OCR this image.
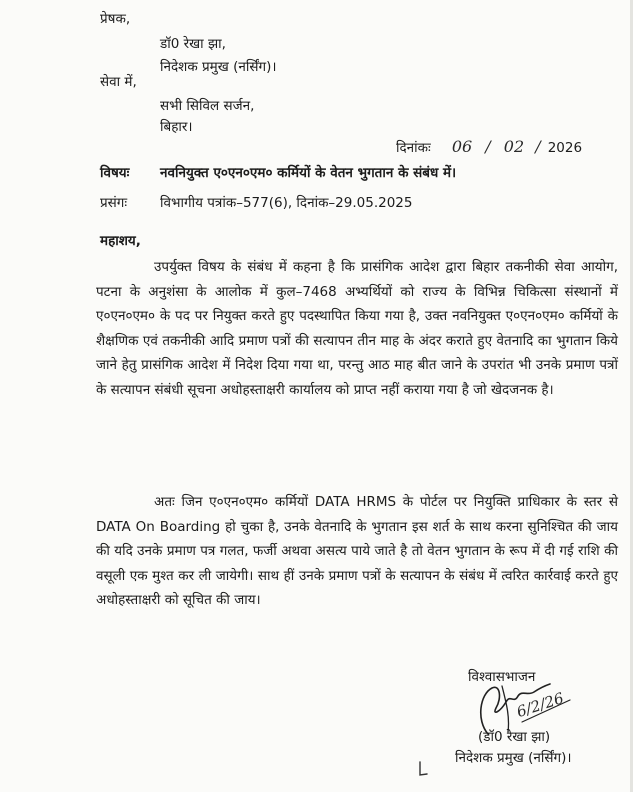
प्रेषक,
डॉ0 रेखा झा,
निदेशक प्रमुख (नर्सिंग)।
सेवा में,
सभी सिविल सर्जन,
बिहार।
दिनांकः 06 / 02 / 2026
विषयः नवनियुक्त ए०एन०एम० कर्मियों के वेतन भुगतान के संबंध में।
प्रसंगः विभागीय पत्रांक–577(6), दिनांक–29.05.2025
महाशय,
उपर्युक्त विषय के संबंध में कहना है कि प्रासंगिक आदेश द्वारा बिहार तकनीकी सेवा आयोग, पटना के अनुशंसा के आलोक में कुल–7468 अभ्यर्थियों को राज्य के विभिन्न चिकित्सा संस्थानों में ए०एन०एम० के पद पर नियुक्त करते हुए पदस्थापित किया गया है, उक्त नवनियुक्त ए०एन०एम० कर्मियों के शैक्षणिक एवं तकनीकी आदि प्रमाण पत्रों की सत्यापन तीन माह के अंदर कराते हुए वेतनादि का भुगतान किये जाने हेतु प्रासंगिक आदेश में निदेश दिया गया था, परन्तु आठ माह बीत जाने के उपरांत भी उनके प्रमाण पत्रों के सत्यापन संबंधी सूचना अधोहस्ताक्षरी कार्यालय को प्राप्त नहीं कराया गया है जो खेदजनक है।
अतः जिन ए०एन०एम० कर्मियों DATA HRMS के पोर्टल पर नियुक्ति प्राधिकार के स्तर से DATA On Boarding हो चुका है, उनके वेतनादि के भुगतान इस शर्त के साथ करना सुनिश्चित की जाय की यदि उनके प्रमाण पत्र गलत, फर्जी अथवा असत्य पाये जाते है तो वेतन भुगतान के रूप में दी गई राशि की वसूली एक मुश्त कर ली जायेगी। साथ हीं उनके प्रमाण पत्रों के सत्यापन के संबंध में त्वरित कार्रवाई करते हुए अधोहस्ताक्षरी को सूचित की जाय।
विश्वासभाजन
6/2/26
(डॉ0 रेखा झा)
निदेशक प्रमुख (नर्सिंग)।
